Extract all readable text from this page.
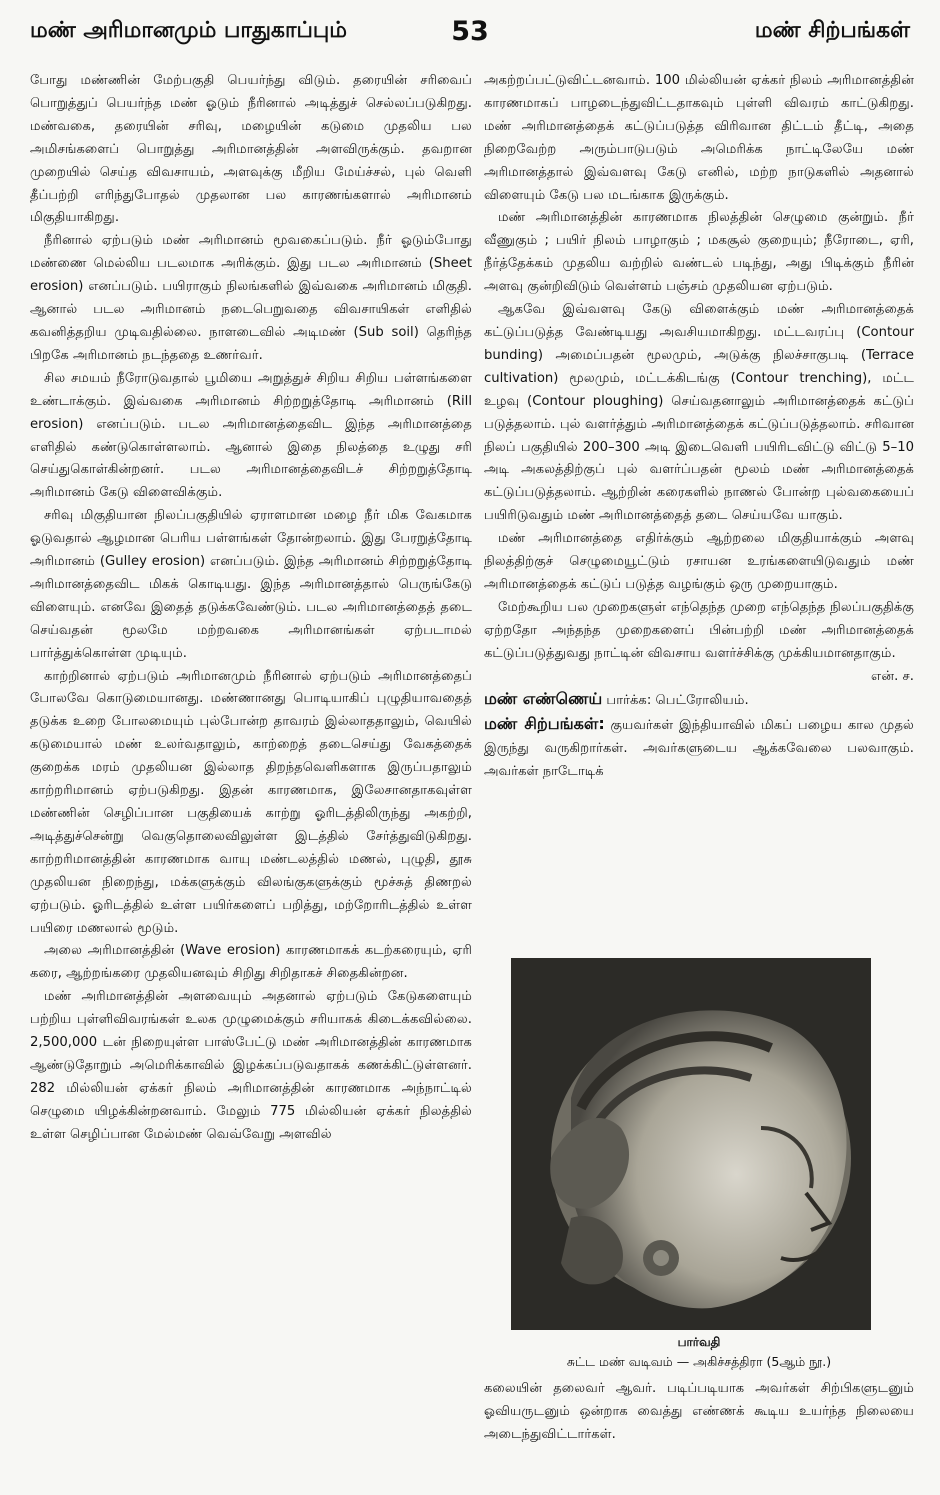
மண் அரிமானமும் பாதுகாப்பும்	53	மண் சிற்பங்கள்

போது மண்ணின் மேற்பகுதி பெயர்ந்து விடும். தரையின் சரிவைப் பொறுத்துப் பெயர்ந்த மண் ஓடும் நீரினால் அடித்துச் செல்லப்படுகிறது. மண்வகை, தரையின் சரிவு, மழையின் கடுமை முதலிய பல அமிசங்களைப் பொறுத்து அரிமானத்தின் அளவிருக்கும். தவறான முறையில் செய்த விவசாயம், அளவுக்கு மீறிய மேய்ச்சல், புல் வெளி தீப்பற்றி எரிந்துபோதல் முதலான பல காரணங்களால் அரிமானம் மிகுதியாகிறது.

நீரினால் ஏற்படும் மண் அரிமானம் மூவகைப்படும். நீர் ஓடும்போது மண்ணை மெல்லிய படலமாக அரிக்கும். இது படல அரிமானம் (Sheet erosion) எனப்படும். பயிராகும் நிலங்களில் இவ்வகை அரிமானம் மிகுதி. ஆனால் படல அரிமானம் நடைபெறுவதை விவசாயிகள் எளிதில் கவனித்தறிய முடிவதில்லை. நாளடைவில் அடிமண் (Sub soil) தெரிந்த பிறகே அரிமானம் நடந்ததை உணர்வர்.

சில சமயம் நீரோடுவதால் பூமியை அறுத்துச் சிறிய சிறிய பள்ளங்களை உண்டாக்கும். இவ்வகை அரிமானம் சிற்றறுத்தோடி அரிமானம் (Rill erosion) எனப்படும். படல அரிமானத்தைவிட இந்த அரிமானத்தை எளிதில் கண்டுகொள்ளலாம். ஆனால் இதை நிலத்தை உழுது சரி செய்துகொள்கின்றனர். படல அரிமானத்தைவிடச் சிற்றறுத்தோடி அரிமானம் கேடு விளைவிக்கும்.

சரிவு மிகுதியான நிலப்பகுதியில் ஏராளமான மழை நீர் மிக வேகமாக ஓடுவதால் ஆழமான பெரிய பள்ளங்கள் தோன்றலாம். இது பேரறுத்தோடி அரிமானம் (Gulley erosion) எனப்படும். இந்த அரிமானம் சிற்றறுத்தோடி அரிமானத்தைவிட மிகக் கொடியது. இந்த அரிமானத்தால் பெருங்கேடு விளையும். எனவே இதைத் தடுக்கவேண்டும். படல அரிமானத்தைத் தடை செய்வதன் மூலமே மற்றவகை அரிமானங்கள் ஏற்படாமல் பார்த்துக்கொள்ள முடியும்.

காற்றினால் ஏற்படும் அரிமானமும் நீரினால் ஏற்படும் அரிமானத்தைப் போலவே கொடுமையானது. மண்ணானது பொடியாகிப் புழுதியாவதைத் தடுக்க உறை போலமையும் புல்போன்ற தாவரம் இல்லாததாலும், வெயில் கடுமையால் மண் உலர்வதாலும், காற்றைத் தடைசெய்து வேகத்தைக் குறைக்க மரம் முதலியன இல்லாத திறந்தவெளிகளாக இருப்பதாலும் காற்றரிமானம் ஏற்படுகிறது. இதன் காரணமாக, இலேசானதாகவுள்ள மண்ணின் செழிப்பான பகுதியைக் காற்று ஓரிடத்திலிருந்து அகற்றி, அடித்துச்சென்று வெகுதொலைவிலுள்ள இடத்தில் சேர்த்துவிடுகிறது. காற்றரிமானத்தின் காரணமாக வாயு மண்டலத்தில் மணல், புழுதி, தூசு முதலியன நிறைந்து, மக்களுக்கும் விலங்குகளுக்கும் மூச்சுத் திணறல் ஏற்படும். ஓரிடத்தில் உள்ள பயிர்களைப் பறித்து, மற்றோரிடத்தில் உள்ள பயிரை மணலால் மூடும்.

அலை அரிமானத்தின் (Wave erosion) காரணமாகக் கடற்கரையும், ஏரி கரை, ஆற்றங்கரை முதலியனவும் சிறிது சிறிதாகச் சிதைகின்றன.

மண் அரிமானத்தின் அளவையும் அதனால் ஏற்படும் கேடுகளையும் பற்றிய புள்ளிவிவரங்கள் உலக முழுமைக்கும் சரியாகக் கிடைக்கவில்லை. 2,500,000 டன் நிறையுள்ள பாஸ்பேட்டு மண் அரிமானத்தின் காரணமாக ஆண்டுதோறும் அமெரிக்காவில் இழக்கப்படுவதாகக் கணக்கிட்டுள்ளனர். 282 மில்லியன் ஏக்கர் நிலம் அரிமானத்தின் காரணமாக அந்நாட்டில் செழுமை யிழக்கின்றனவாம். மேலும் 775 மில்லியன் ஏக்கர் நிலத்தில் உள்ள செழிப்பான மேல்மண் வெவ்வேறு அளவில்

அகற்றப்பட்டுவிட்டனவாம். 100 மில்லியன் ஏக்கர் நிலம் அரிமானத்தின் காரணமாகப் பாழடைந்துவிட்டதாகவும் புள்ளி விவரம் காட்டுகிறது. மண் அரிமானத்தைக் கட்டுப்படுத்த விரிவான திட்டம் தீட்டி, அதை நிறைவேற்ற அரும்பாடுபடும் அமெரிக்க நாட்டிலேயே மண் அரிமானத்தால் இவ்வளவு கேடு எனில், மற்ற நாடுகளில் அதனால் விளையும் கேடு பல மடங்காக இருக்கும்.

மண் அரிமானத்தின் காரணமாக நிலத்தின் செழுமை குன்றும். நீர் வீணுகும் ; பயிர் நிலம் பாழாகும் ; மகசூல் குறையும்; நீரோடை, ஏரி, நீர்த்தேக்கம் முதலிய வற்றில் வண்டல் படிந்து, அது பிடிக்கும் நீரின் அளவு குன்றிவிடும் வெள்ளம் பஞ்சம் முதலியன ஏற்படும்.

ஆகவே இவ்வளவு கேடு விளைக்கும் மண் அரிமானத்தைக் கட்டுப்படுத்த வேண்டியது அவசியமாகிறது. மட்டவரப்பு (Contour bunding) அமைப்பதன் மூலமும், அடுக்கு நிலச்சாகுபடி (Terrace cultivation) மூலமும், மட்டக்கிடங்கு (Contour trenching), மட்ட உழவு (Contour ploughing) செய்வதனாலும் அரிமானத்தைக் கட்டுப் படுத்தலாம். புல் வளர்த்தும் அரிமானத்தைக் கட்டுப்படுத்தலாம். சரிவான நிலப் பகுதியில் 200–300 அடி இடைவெளி பயிரிடவிட்டு விட்டு 5–10 அடி அகலத்திற்குப் புல் வளர்ப்பதன் மூலம் மண் அரிமானத்தைக் கட்டுப்படுத்தலாம். ஆற்றின் கரைகளில் நாணல் போன்ற புல்வகையைப் பயிரிடுவதும் மண் அரிமானத்தைத் தடை செய்யவே யாகும்.

மண் அரிமானத்தை எதிர்க்கும் ஆற்றலை மிகுதியாக்கும் அளவு நிலத்திற்குச் செழுமையூட்டும் ரசாயன உரங்களையிடுவதும் மண் அரிமானத்தைக் கட்டுப் படுத்த வழங்கும் ஒரு முறையாகும்.

மேற்கூறிய பல முறைகளுள் எந்தெந்த முறை எந்தெந்த நிலப்பகுதிக்கு ஏற்றதோ அந்தந்த முறைகளைப் பின்பற்றி மண் அரிமானத்தைக் கட்டுப்படுத்துவது நாட்டின் விவசாய வளர்ச்சிக்கு முக்கியமானதாகும்.

என். ச.

மண் எண்ணெய் பார்க்க: பெட்ரோலியம்.

மண் சிற்பங்கள்: குயவர்கள் இந்தியாவில் மிகப் பழைய கால முதல் இருந்து வருகிறார்கள். அவர்களுடைய ஆக்கவேலை பலவாகும். அவர்கள் நாடோடிக்

பார்வதி
சுட்ட மண் வடிவம் — அகிச்சத்திரா (5ஆம் நூ.)

கலையின் தலைவர் ஆவர். படிப்படியாக அவர்கள் சிற்பிகளுடனும் ஓவியருடனும் ஒன்றாக வைத்து எண்ணக் கூடிய உயர்ந்த நிலையை அடைந்துவிட்டார்கள்.
